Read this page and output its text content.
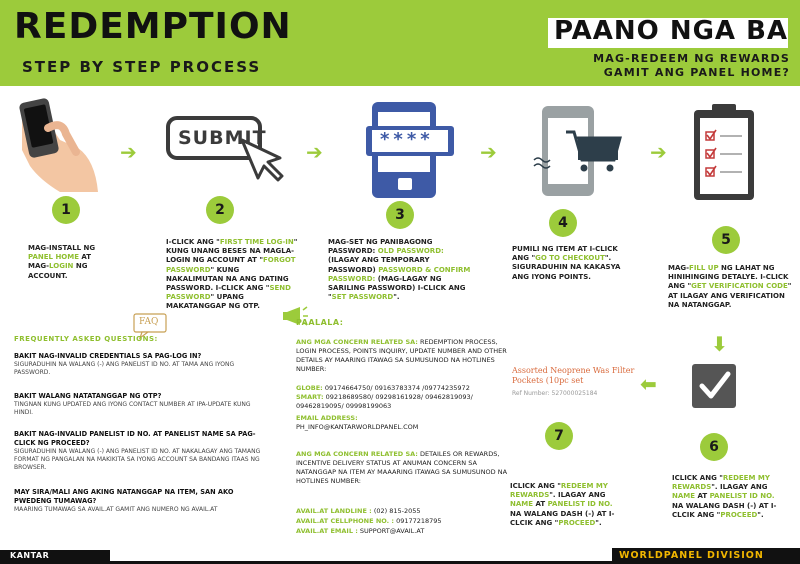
REDEMPTION
STEP BY STEP PROCESS
PAANO NGA BA
MAG-REDEEM NG REWARDS
GAMIT ANG PANEL HOME?
SUBMIT	****
FAQ
➔	➔	➔	➔
⬇
⬅
1	2	3	4
5
6
7
MAG-INSTALL NG PANEL HOME AT MAG-LOGIN NG ACCOUNT.
I-CLICK ANG "FIRST TIME LOG-IN" KUNG UNANG BESES NA MAGLA-LOGIN NG ACCOUNT AT "FORGOT PASSWORD" KUNG NAKALIMUTAN NA ANG DATING PASSWORD. I-CLICK ANG "SEND PASSWORD" UPANG MAKATANGGAP NG OTP.
MAG-SET NG PANIBAGONG PASSWORD: OLD PASSWORD: (ILAGAY ANG TEMPORARY PASSWORD) PASSWORD & CONFIRM PASSWORD: (MAG-LAGAY NG SARILING PASSWORD) I-CLICK ANG "SET PASSWORD".
PUMILI NG ITEM AT I-CLICK ANG "GO TO CHECKOUT". SIGURADUHIN NA KAKASYA ANG IYONG POINTS.
MAG-FILL UP NG LAHAT NG HINIHINGING DETALYE. I-CLICK ANG "GET VERIFICATION CODE" AT ILAGAY ANG VERIFICATION NA NATANGGAP.
ICLICK ANG "REDEEM MY REWARDS". ILAGAY ANG NAME AT PANELIST ID NO. NA WALANG DASH (-) AT I-CLCIK ANG "PROCEED".
ICLICK ANG "REDEEM MY REWARDS". ILAGAY ANG NAME AT PANELIST ID NO. NA WALANG DASH (-) AT I-CLCIK ANG "PROCEED".
Assorted Neoprene Was Filter Pockets (10pc set
Ref Number: 527000025184
FREQUENTLY ASKED QUESTIONS:
BAKIT NAG-INVALID CREDENTIALS SA PAG-LOG IN?
SIGURADUHIN NA WALANG (-) ANG PANELIST ID NO. AT TAMA ANG IYONG PASSWORD.
BAKIT WALANG NATATANGGAP NG OTP?
TINGNAN KUNG UPDATED ANG IYONG CONTACT NUMBER AT IPA-UPDATE KUNG HINDI.
BAKIT NAG-INVALID PANELIST ID NO. AT PANELIST NAME SA PAG-CLICK NG PROCEED?
SIGURADUHIN NA WALANG (-) ANG PANELIST ID NO. AT NAKALAGAY ANG TAMANG FORMAT NG PANGALAN NA MAKIKITA SA IYONG ACCOUNT SA BANDANG ITAAS NG BROWSER.
MAY SIRA/MALI ANG AKING NATANGGAP NA ITEM, SAN AKO PWEDENG TUMAWAG?
MAARING TUMAWAG SA AVAIL.AT GAMIT ANG NUMERO NG AVAIL.AT
PAALALA:
ANG MGA CONCERN RELATED SA: REDEMPTION PROCESS, LOGIN PROCESS, POINTS INQUIRY, UPDATE NUMBER AND OTHER DETAILS AY MAARING ITAWAG SA SUMUSUNOD NA HOTLINES NUMBER:
GLOBE: 09174664750/ 09163783374 /09774235972
SMART: 09218689580/ 09298161928/ 09462819093/ 09462819095/ 09998199063
EMAIL ADDRESS:
PH_INFO@KANTARWORLDPANEL.COM
ANG MGA CONCERN RELATED SA: DETAILES OR REWARDS, INCENTIVE DELIVERY STATUS AT ANUMAN CONCERN SA NATANGGAP NA ITEM AY MAAARING ITAWAG SA SUMUSUNOD NA HOTLINES NUMBER:
AVAIL.AT LANDLINE : (02) 815-2055
AVAIL.AT CELLPHONE NO. : 09177218795
AVAIL.AT EMAIL : SUPPORT@AVAIL.AT
KANTAR	WORLDPANEL DIVISION
